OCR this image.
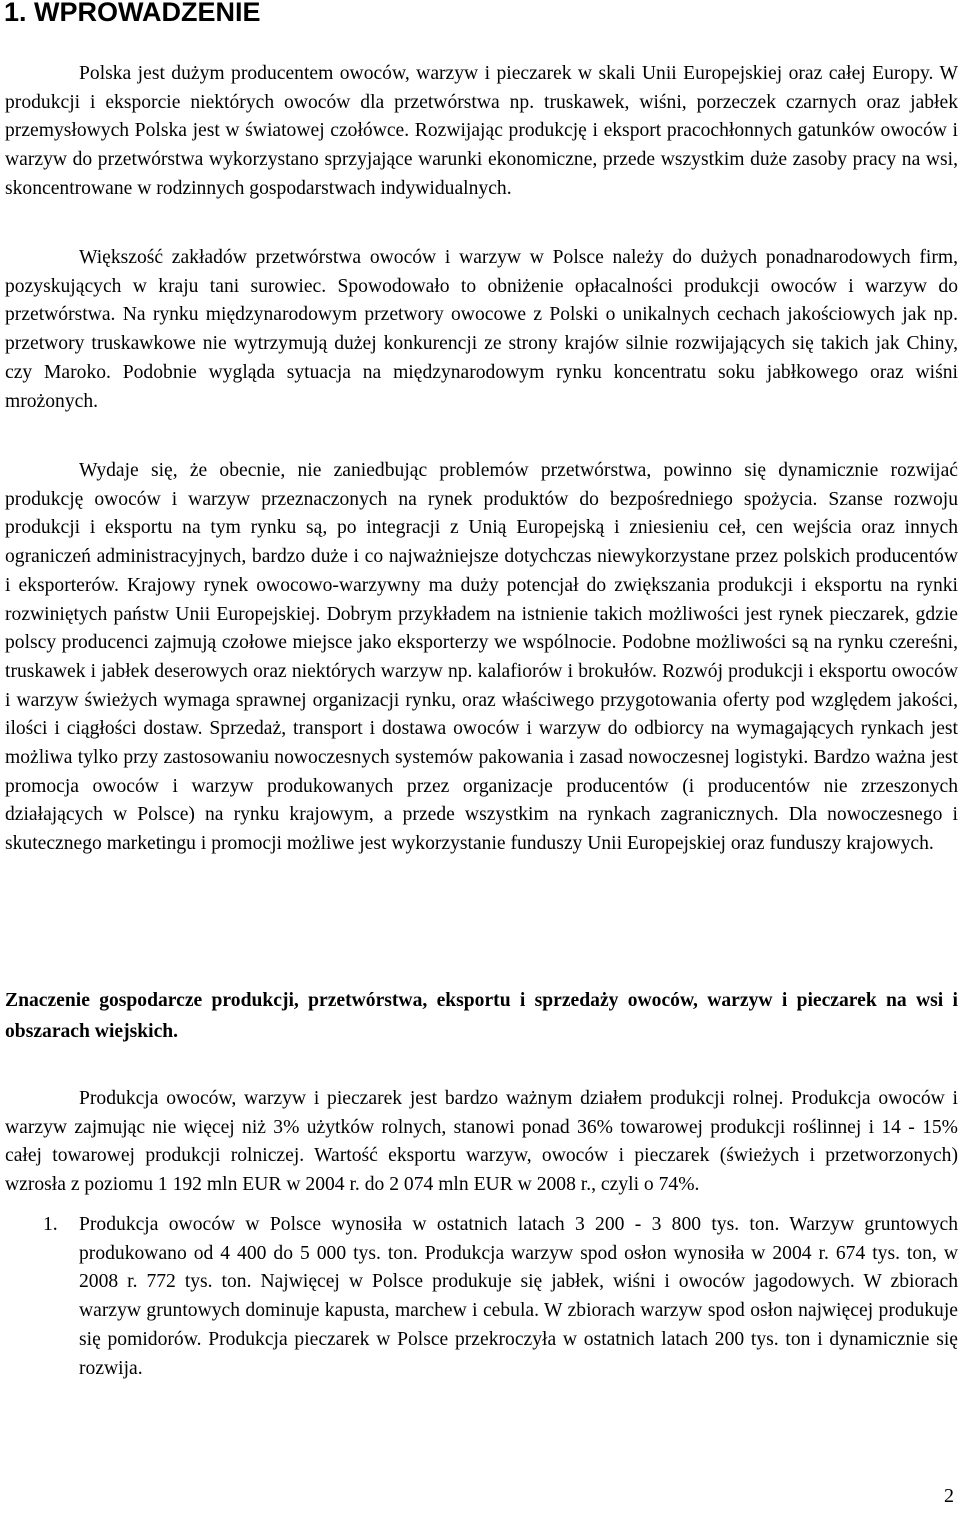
1. WPROWADZENIE

Polska jest dużym producentem owoców, warzyw i pieczarek w skali Unii Europejskiej oraz całej Europy. W produkcji i eksporcie niektórych owoców dla przetwórstwa np. truskawek, wiśni, porzeczek czarnych oraz jabłek przemysłowych Polska jest w światowej czołówce. Rozwijając produkcję i eksport pracochłonnych gatunków owoców i warzyw do przetwórstwa wykorzystano sprzyjające warunki ekonomiczne, przede wszystkim duże zasoby pracy na wsi, skoncentrowane w rodzinnych gospodarstwach indywidualnych.

Większość zakładów przetwórstwa owoców i warzyw w Polsce należy do dużych ponadnarodowych firm, pozyskujących w kraju tani surowiec. Spowodowało to obniżenie opłacalności produkcji owoców i warzyw do przetwórstwa. Na rynku międzynarodowym przetwory owocowe z Polski o unikalnych cechach jakościowych jak np. przetwory truskawkowe nie wytrzymują dużej konkurencji ze strony krajów silnie rozwijających się takich jak Chiny, czy Maroko. Podobnie wygląda sytuacja na międzynarodowym rynku koncentratu soku jabłkowego oraz wiśni mrożonych.

Wydaje się, że obecnie, nie zaniedbując problemów przetwórstwa, powinno się dynamicznie rozwijać produkcję owoców i warzyw przeznaczonych na rynek produktów do bezpośredniego spożycia. Szanse rozwoju produkcji i eksportu na tym rynku są, po integracji z Unią Europejską i zniesieniu ceł, cen wejścia oraz innych ograniczeń administracyjnych, bardzo duże i co najważniejsze dotychczas niewykorzystane przez polskich producentów i eksporterów. Krajowy rynek owocowo-warzywny ma duży potencjał do zwiększania produkcji i eksportu na rynki rozwiniętych państw Unii Europejskiej. Dobrym przykładem na istnienie takich możliwości jest rynek pieczarek, gdzie polscy producenci zajmują czołowe miejsce jako eksporterzy we wspólnocie. Podobne możliwości są na rynku czereśni, truskawek i jabłek deserowych oraz niektórych warzyw np. kalafiorów i brokułów. Rozwój produkcji i eksportu owoców i warzyw świeżych wymaga sprawnej organizacji rynku, oraz właściwego przygotowania oferty pod względem jakości, ilości i ciągłości dostaw. Sprzedaż, transport i dostawa owoców i warzyw do odbiorcy na wymagających rynkach jest możliwa tylko przy zastosowaniu nowoczesnych systemów pakowania i zasad nowoczesnej logistyki. Bardzo ważna jest promocja owoców i warzyw produkowanych przez organizacje producentów (i producentów nie zrzeszonych działających w Polsce) na rynku krajowym, a przede wszystkim na rynkach zagranicznych. Dla nowoczesnego i skutecznego marketingu i promocji możliwe jest wykorzystanie funduszy Unii Europejskiej oraz funduszy krajowych.

Znaczenie gospodarcze produkcji, przetwórstwa, eksportu i sprzedaży owoców, warzyw i pieczarek na wsi i obszarach wiejskich.

Produkcja owoców, warzyw i pieczarek jest bardzo ważnym działem produkcji rolnej. Produkcja owoców i warzyw zajmując nie więcej niż 3% użytków rolnych, stanowi ponad 36% towarowej produkcji roślinnej i 14 - 15% całej towarowej produkcji rolniczej. Wartość eksportu warzyw, owoców i pieczarek (świeżych i przetworzonych) wzrosła z poziomu 1 192 mln EUR w 2004 r. do 2 074 mln EUR w 2008 r., czyli o 74%.

1. Produkcja owoców w Polsce wynosiła w ostatnich latach 3 200 - 3 800 tys. ton. Warzyw gruntowych produkowano od 4 400 do 5 000 tys. ton. Produkcja warzyw spod osłon wynosiła w 2004 r. 674 tys. ton, w 2008 r. 772 tys. ton. Najwięcej w Polsce produkuje się jabłek, wiśni i owoców jagodowych. W zbiorach warzyw gruntowych dominuje kapusta, marchew i cebula. W zbiorach warzyw spod osłon najwięcej produkuje się pomidorów. Produkcja pieczarek w Polsce przekroczyła w ostatnich latach 200 tys. ton i dynamicznie się rozwija.
2
